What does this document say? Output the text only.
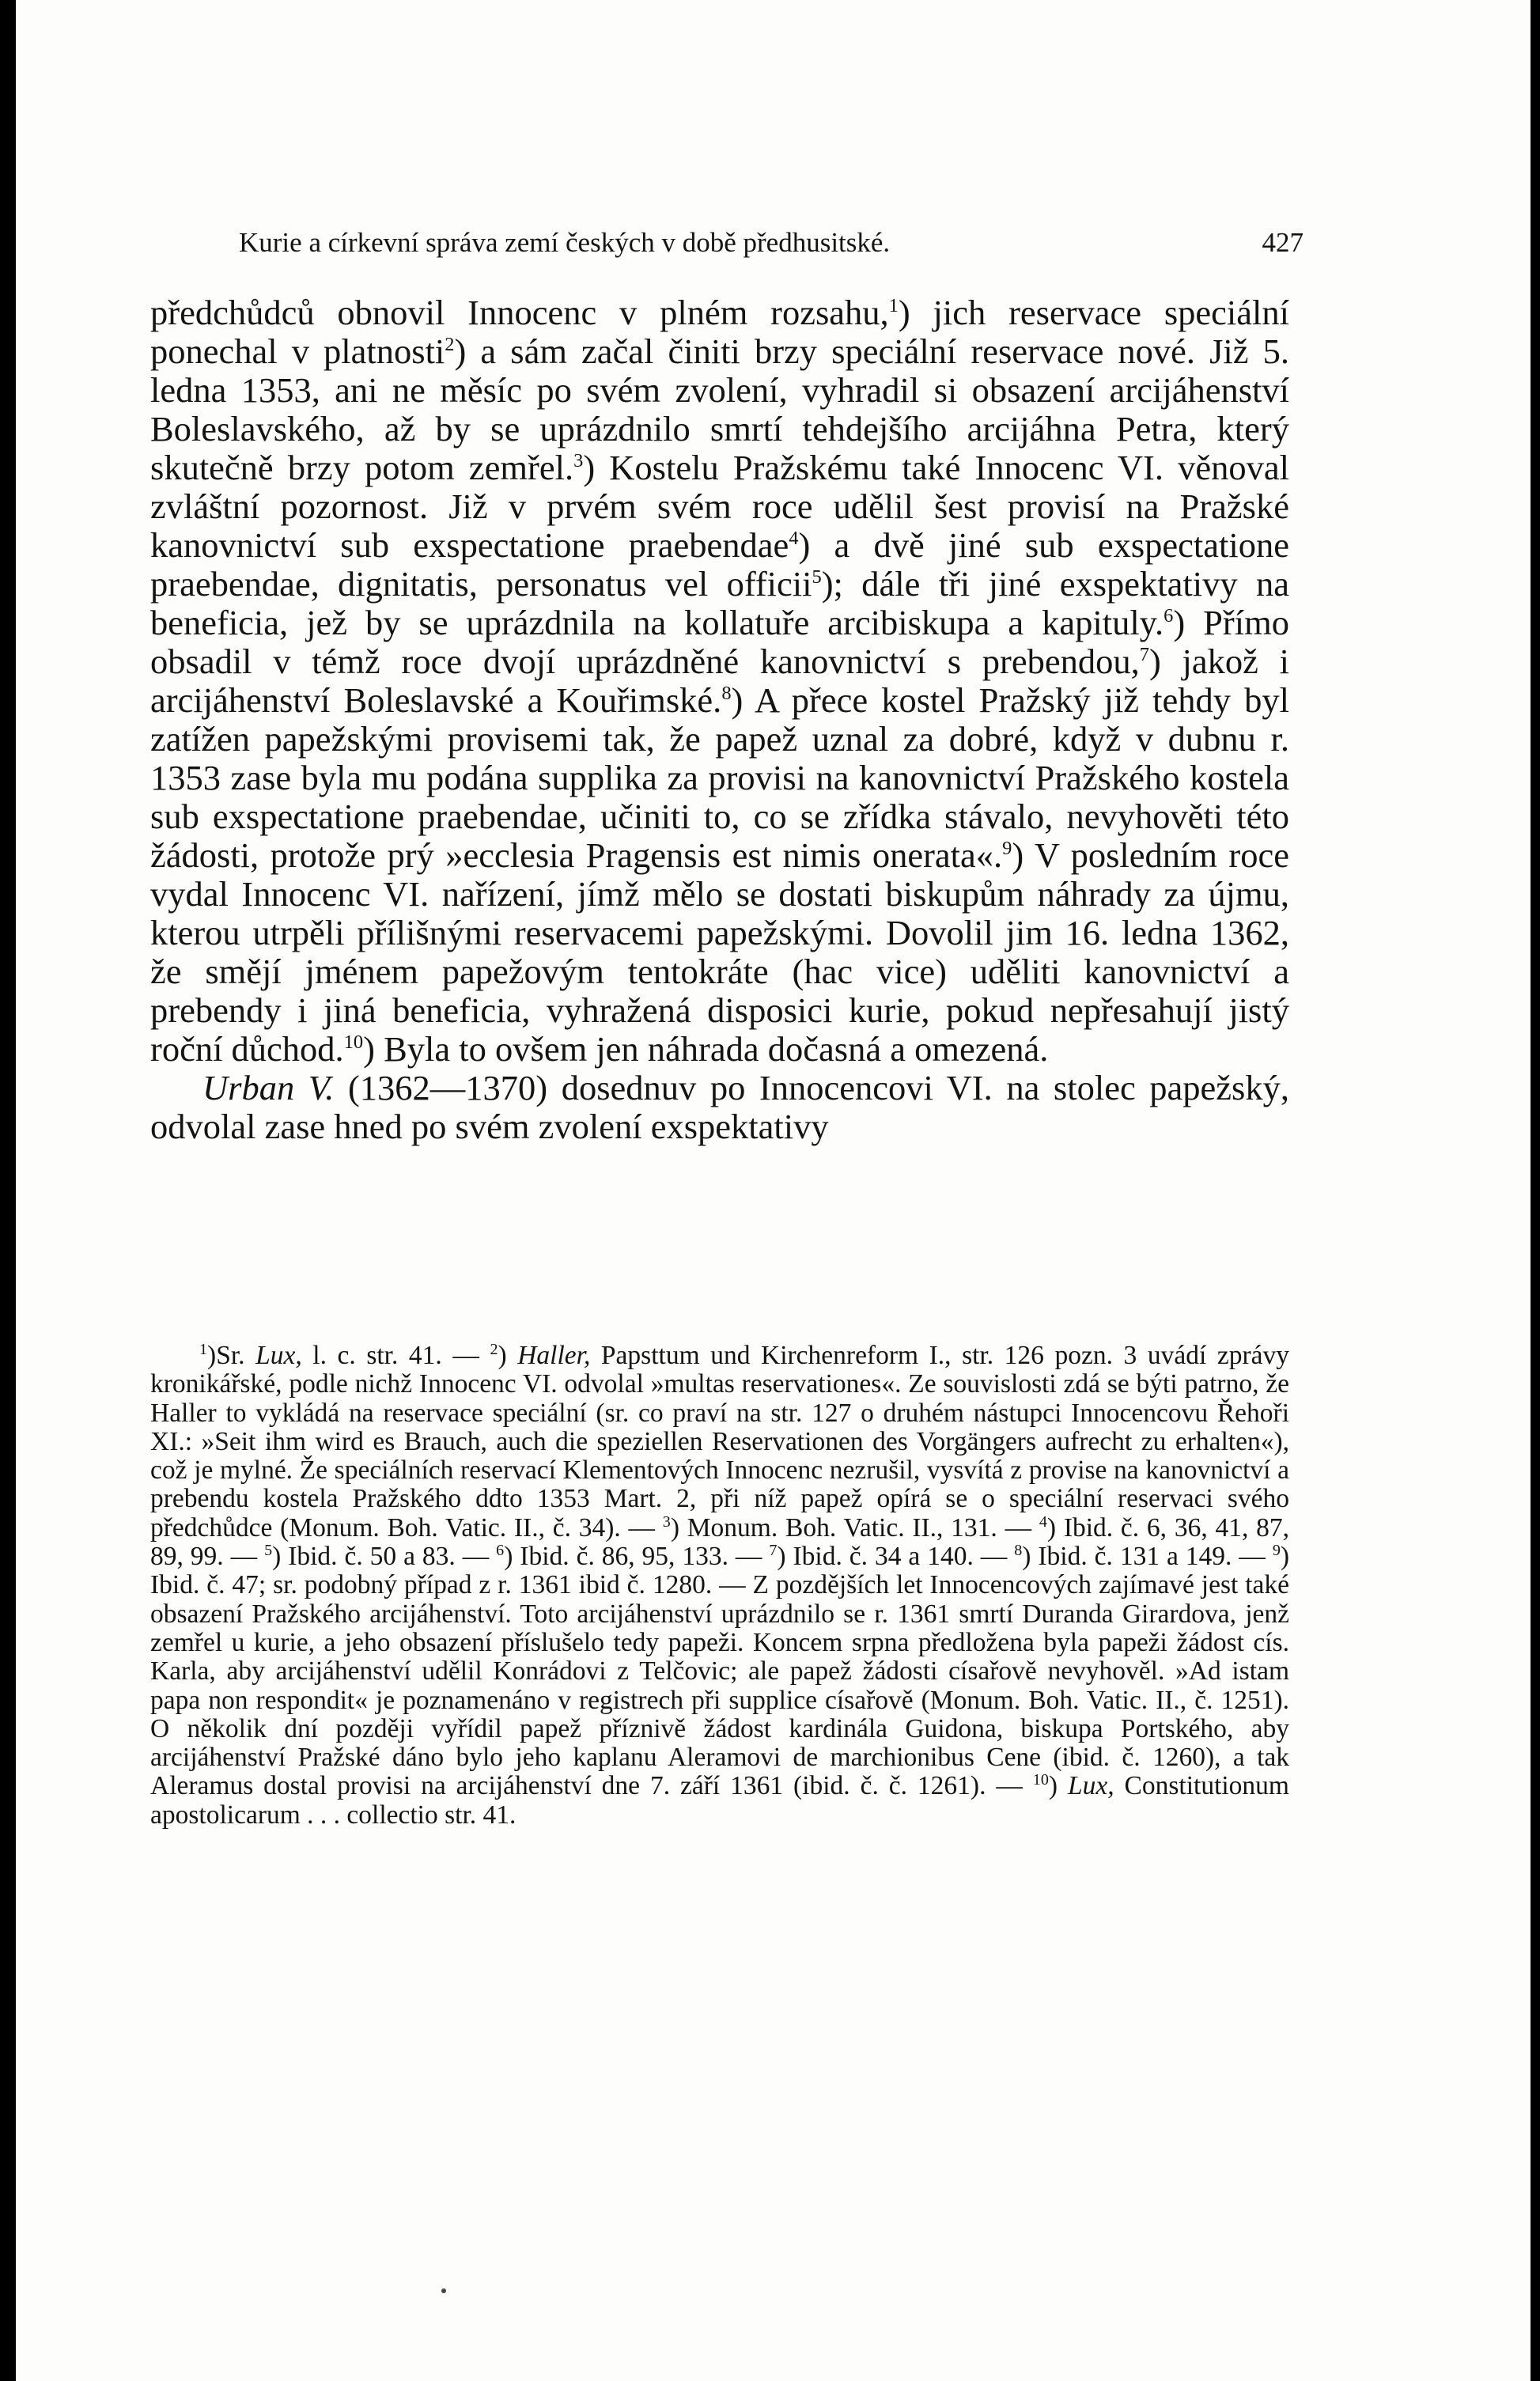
Kurie a církevní správa zemí českých v době předhusitské.	427

předchůdců obnovil Innocenc v plném rozsahu,$^1$) jich reservace speciální ponechal v platnosti$^2$) a sám začal činiti brzy speciální reservace nové. Již 5. ledna 1353, ani ne měsíc po svém zvolení, vyhradil si obsazení arcijáhenství Boleslavského, až by se uprázdnilo smrtí tehdejšího arcijáhna Petra, který skutečně brzy potom zemřel.$^3$) Kostelu Pražskému také Innocenc VI. věnoval zvláštní pozornost. Již v prvém svém roce udělil šest provisí na Pražské kanovnictví sub exspectatione praebendae$^4$) a dvě jiné sub exspectatione praebendae, dignitatis, personatus vel officii$^5$); dále tři jiné exspektativy na beneficia, jež by se uprázdnila na kollatuře arcibiskupa a kapituly.$^6$) Přímo obsadil v témž roce dvojí uprázdněné kanovnictví s prebendou,$^7$) jakož i arcijáhenství Boleslavské a Kouřimské.$^8$) A přece kostel Pražský již tehdy byl zatížen papežskými provisemi tak, že papež uznal za dobré, když v dubnu r. 1353 zase byla mu podána supplika za provisi na kanovnictví Pražského kostela sub exspectatione praebendae, učiniti to, co se zřídka stávalo, nevyhověti této žádosti, protože prý »ecclesia Pragensis est nimis onerata«.$^9$) V posledním roce vydal Innocenc VI. nařízení, jímž mělo se dostati biskupům náhrady za újmu, kterou utrpěli přílišnými reservacemi papežskými. Dovolil jim 16. ledna 1362, že smějí jménem papežovým tentokráte (hac vice) uděliti kanovnictví a prebendy i jiná beneficia, vyhražená disposici kurie, pokud nepřesahují jistý roční důchod.$^{10}$) Byla to ovšem jen náhrada dočasná a omezená.

Urban V. (1362—1370) dosednuv po Innocencovi VI. na stolec papežský, odvolal zase hned po svém zvolení exspektativy

$^1$)Sr. Lux, l. c. str. 41. — $^2$) Haller, Papsttum und Kirchenreform I., str. 126 pozn. 3 uvádí zprávy kronikářské, podle nichž Innocenc VI. odvolal »multas reservationes«. Ze souvislosti zdá se býti patrno, že Haller to vykládá na reservace speciální (sr. co praví na str. 127 o druhém nástupci Innocencovu Řehoři XI.: »Seit ihm wird es Brauch, auch die speziellen Reservationen des Vorgängers aufrecht zu erhalten«), což je mylné. Že speciálních reservací Klementových Innocenc nezrušil, vysvítá z provise na kanovnictví a prebendu kostela Pražského ddto 1353 Mart. 2, při níž papež opírá se o speciální reservaci svého předchůdce (Monum. Boh. Vatic. II., č. 34). — $^3$) Monum. Boh. Vatic. II., 131. — $^4$) Ibid. č. 6, 36, 41, 87, 89, 99. — $^5$) Ibid. č. 50 a 83. — $^6$) Ibid. č. 86, 95, 133. — $^7$) Ibid. č. 34 a 140. — $^8$) Ibid. č. 131 a 149. — $^9$) Ibid. č. 47; sr. podobný případ z r. 1361 ibid č. 1280. — Z pozdějších let Innocencových zajímavé jest také obsazení Pražského arcijáhenství. Toto arcijáhenství uprázdnilo se r. 1361 smrtí Duranda Girardova, jenž zemřel u kurie, a jeho obsazení příslušelo tedy papeži. Koncem srpna předložena byla papeži žádost cís. Karla, aby arcijáhenství udělil Konrádovi z Telčovic; ale papež žádosti císařově nevyhověl. »Ad istam papa non respondit« je poznamenáno v registrech při supplice císařově (Monum. Boh. Vatic. II., č. 1251). O několik dní později vyřídil papež příznivě žádost kardinála Guidona, biskupa Portského, aby arcijáhenství Pražské dáno bylo jeho kaplanu Aleramovi de marchionibus Cene (ibid. č. 1260), a tak Aleramus dostal provisi na arcijáhenství dne 7. září 1361 (ibid. č. č. 1261). — $^{10}$) Lux, Constitutionum apostolicarum . . . collectio str. 41.
